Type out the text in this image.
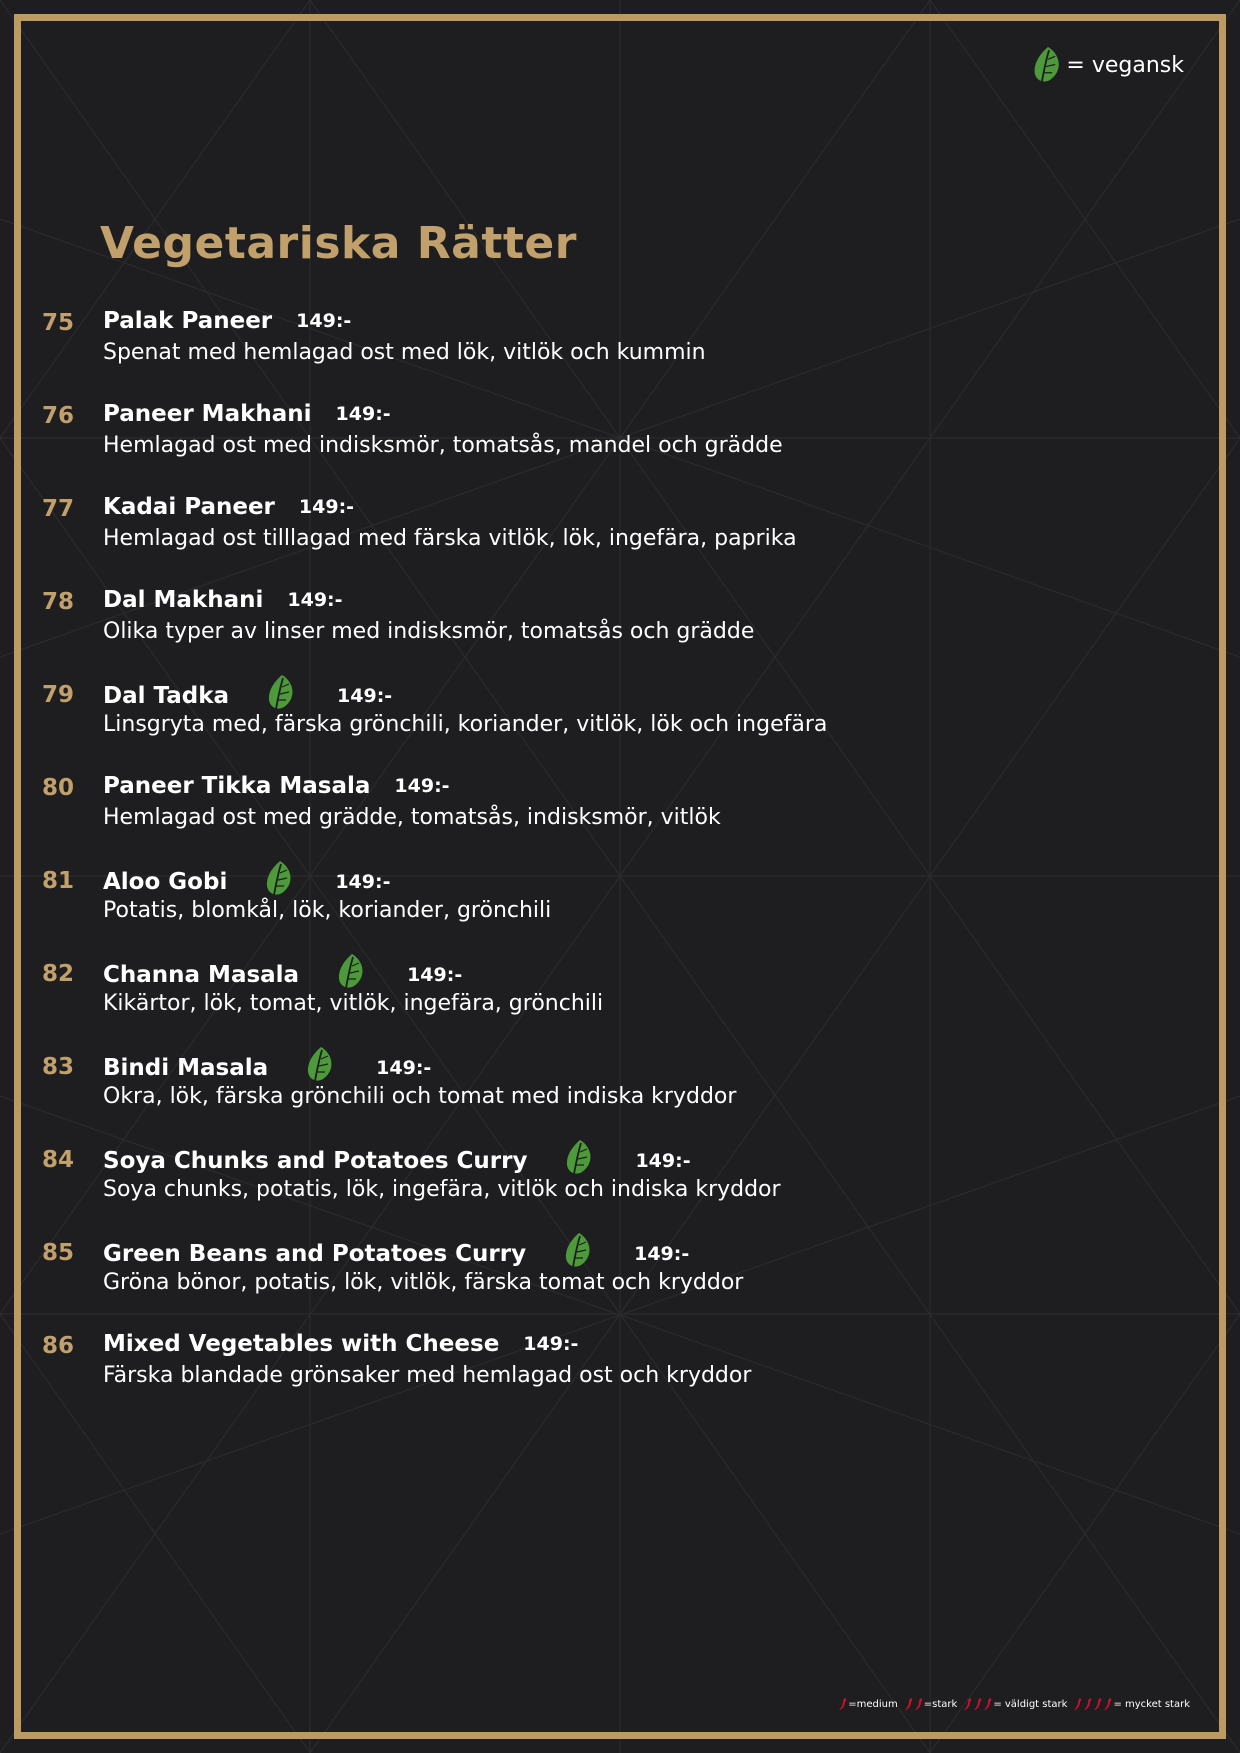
= vegansk
Vegetariska Rätter
75 Palak Paneer 149:-
Spenat med hemlagad ost med lök, vitlök och kummin
76 Paneer Makhani 149:-
Hemlagad ost med indisksmör, tomatsås, mandel och grädde
77 Kadai Paneer 149:-
Hemlagad ost tilllagad med färska vitlök, lök, ingefära, paprika
78 Dal Makhani 149:-
Olika typer av linser med indisksmör, tomatsås och grädde
79 Dal Tadka	149:-
Linsgryta med, färska grönchili, koriander, vitlök, lök och ingefära
80 Paneer Tikka Masala 149:-
Hemlagad ost med grädde, tomatsås, indisksmör, vitlök
81 Aloo Gobi	149:-
Potatis, blomkål, lök, koriander, grönchili
82 Channa Masala	149:-
Kikärtor, lök, tomat, vitlök, ingefära, grönchili
83 Bindi Masala	149:-
Okra, lök, färska grönchili och tomat med indiska kryddor
84 Soya Chunks and Potatoes Curry	149:-
Soya chunks, potatis, lök, ingefära, vitlök och indiska kryddor
85 Green Beans and Potatoes Curry	149:-
Gröna bönor, potatis, lök, vitlök, färska tomat och kryddor
86 Mixed Vegetables with Cheese 149:-
Färska blandade grönsaker med hemlagad ost och kryddor
=medium	=stark	= väldigt stark	= mycket stark
